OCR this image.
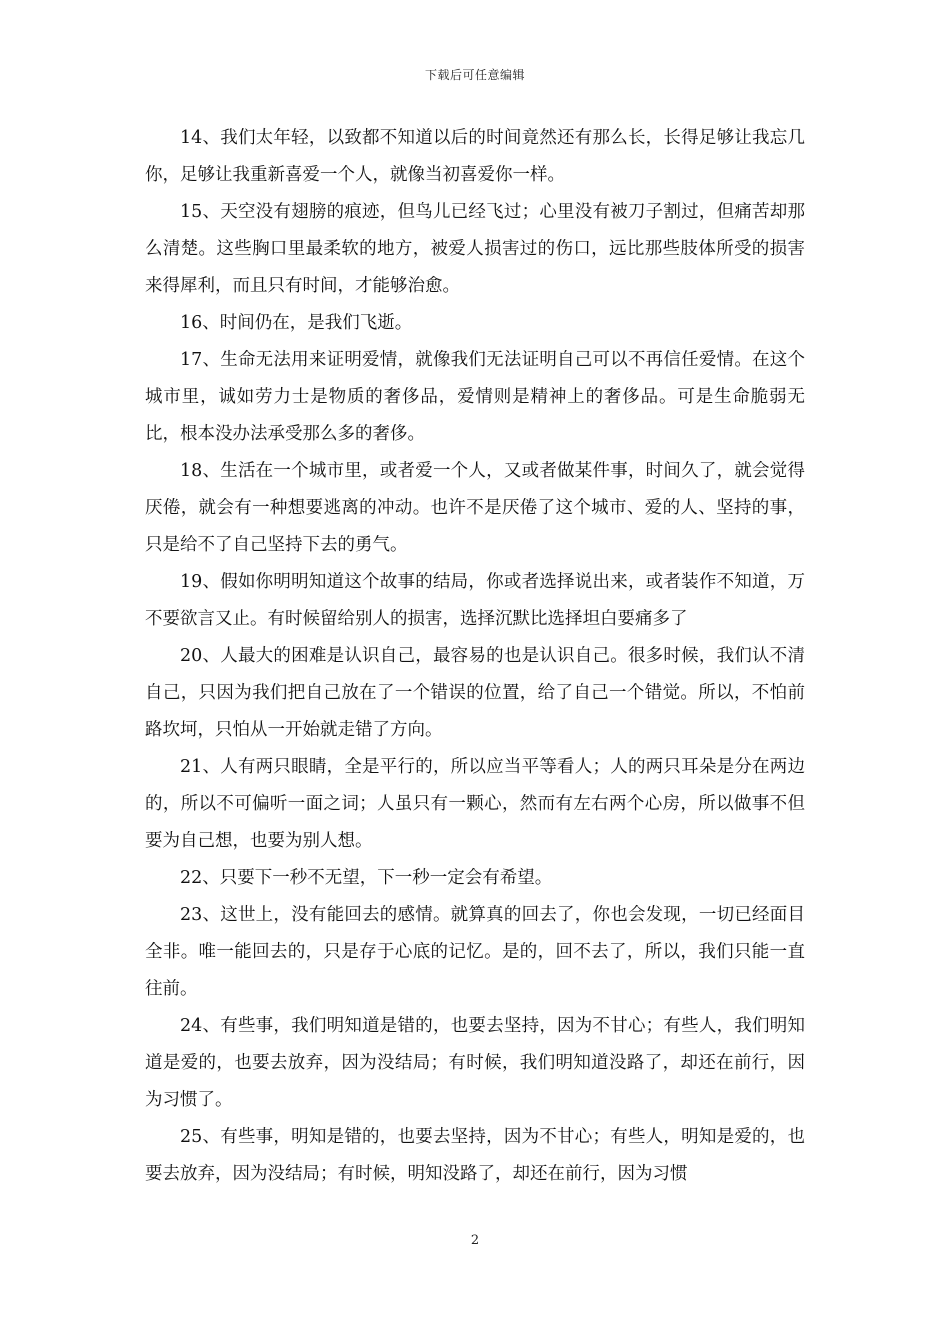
下载后可任意编辑

14、我们太年轻，以致都不知道以后的时间竟然还有那么长，长得足够让我忘几你，足够让我重新喜爱一个人，就像当初喜爱你一样。

15、天空没有翅膀的痕迹，但鸟儿已经飞过；心里没有被刀子割过，但痛苦却那么清楚。这些胸口里最柔软的地方，被爱人损害过的伤口，远比那些肢体所受的损害来得犀利，而且只有时间，才能够治愈。

16、时间仍在，是我们飞逝。

17、生命无法用来证明爱情，就像我们无法证明自己可以不再信任爱情。在这个城市里，诚如劳力士是物质的奢侈品，爱情则是精神上的奢侈品。可是生命脆弱无比，根本没办法承受那么多的奢侈。

18、生活在一个城市里，或者爱一个人，又或者做某件事，时间久了，就会觉得厌倦，就会有一种想要逃离的冲动。也许不是厌倦了这个城市、爱的人、坚持的事，只是给不了自己坚持下去的勇气。

19、假如你明明知道这个故事的结局，你或者选择说出来，或者装作不知道，万不要欲言又止。有时候留给别人的损害，选择沉默比选择坦白要痛多了

20、人最大的困难是认识自己，最容易的也是认识自己。很多时候，我们认不清自己，只因为我们把自己放在了一个错误的位置，给了自己一个错觉。所以，不怕前路坎坷，只怕从一开始就走错了方向。

21、人有两只眼睛，全是平行的，所以应当平等看人；人的两只耳朵是分在两边的，所以不可偏听一面之词；人虽只有一颗心，然而有左右两个心房，所以做事不但要为自己想，也要为别人想。

22、只要下一秒不无望，下一秒一定会有希望。

23、这世上，没有能回去的感情。就算真的回去了，你也会发现，一切已经面目全非。唯一能回去的，只是存于心底的记忆。是的，回不去了，所以，我们只能一直往前。

24、有些事，我们明知道是错的，也要去坚持，因为不甘心；有些人，我们明知道是爱的，也要去放弃，因为没结局；有时候，我们明知道没路了，却还在前行，因为习惯了。

25、有些事，明知是错的，也要去坚持，因为不甘心；有些人，明知是爱的，也要去放弃，因为没结局；有时候，明知没路了，却还在前行，因为习惯

2
